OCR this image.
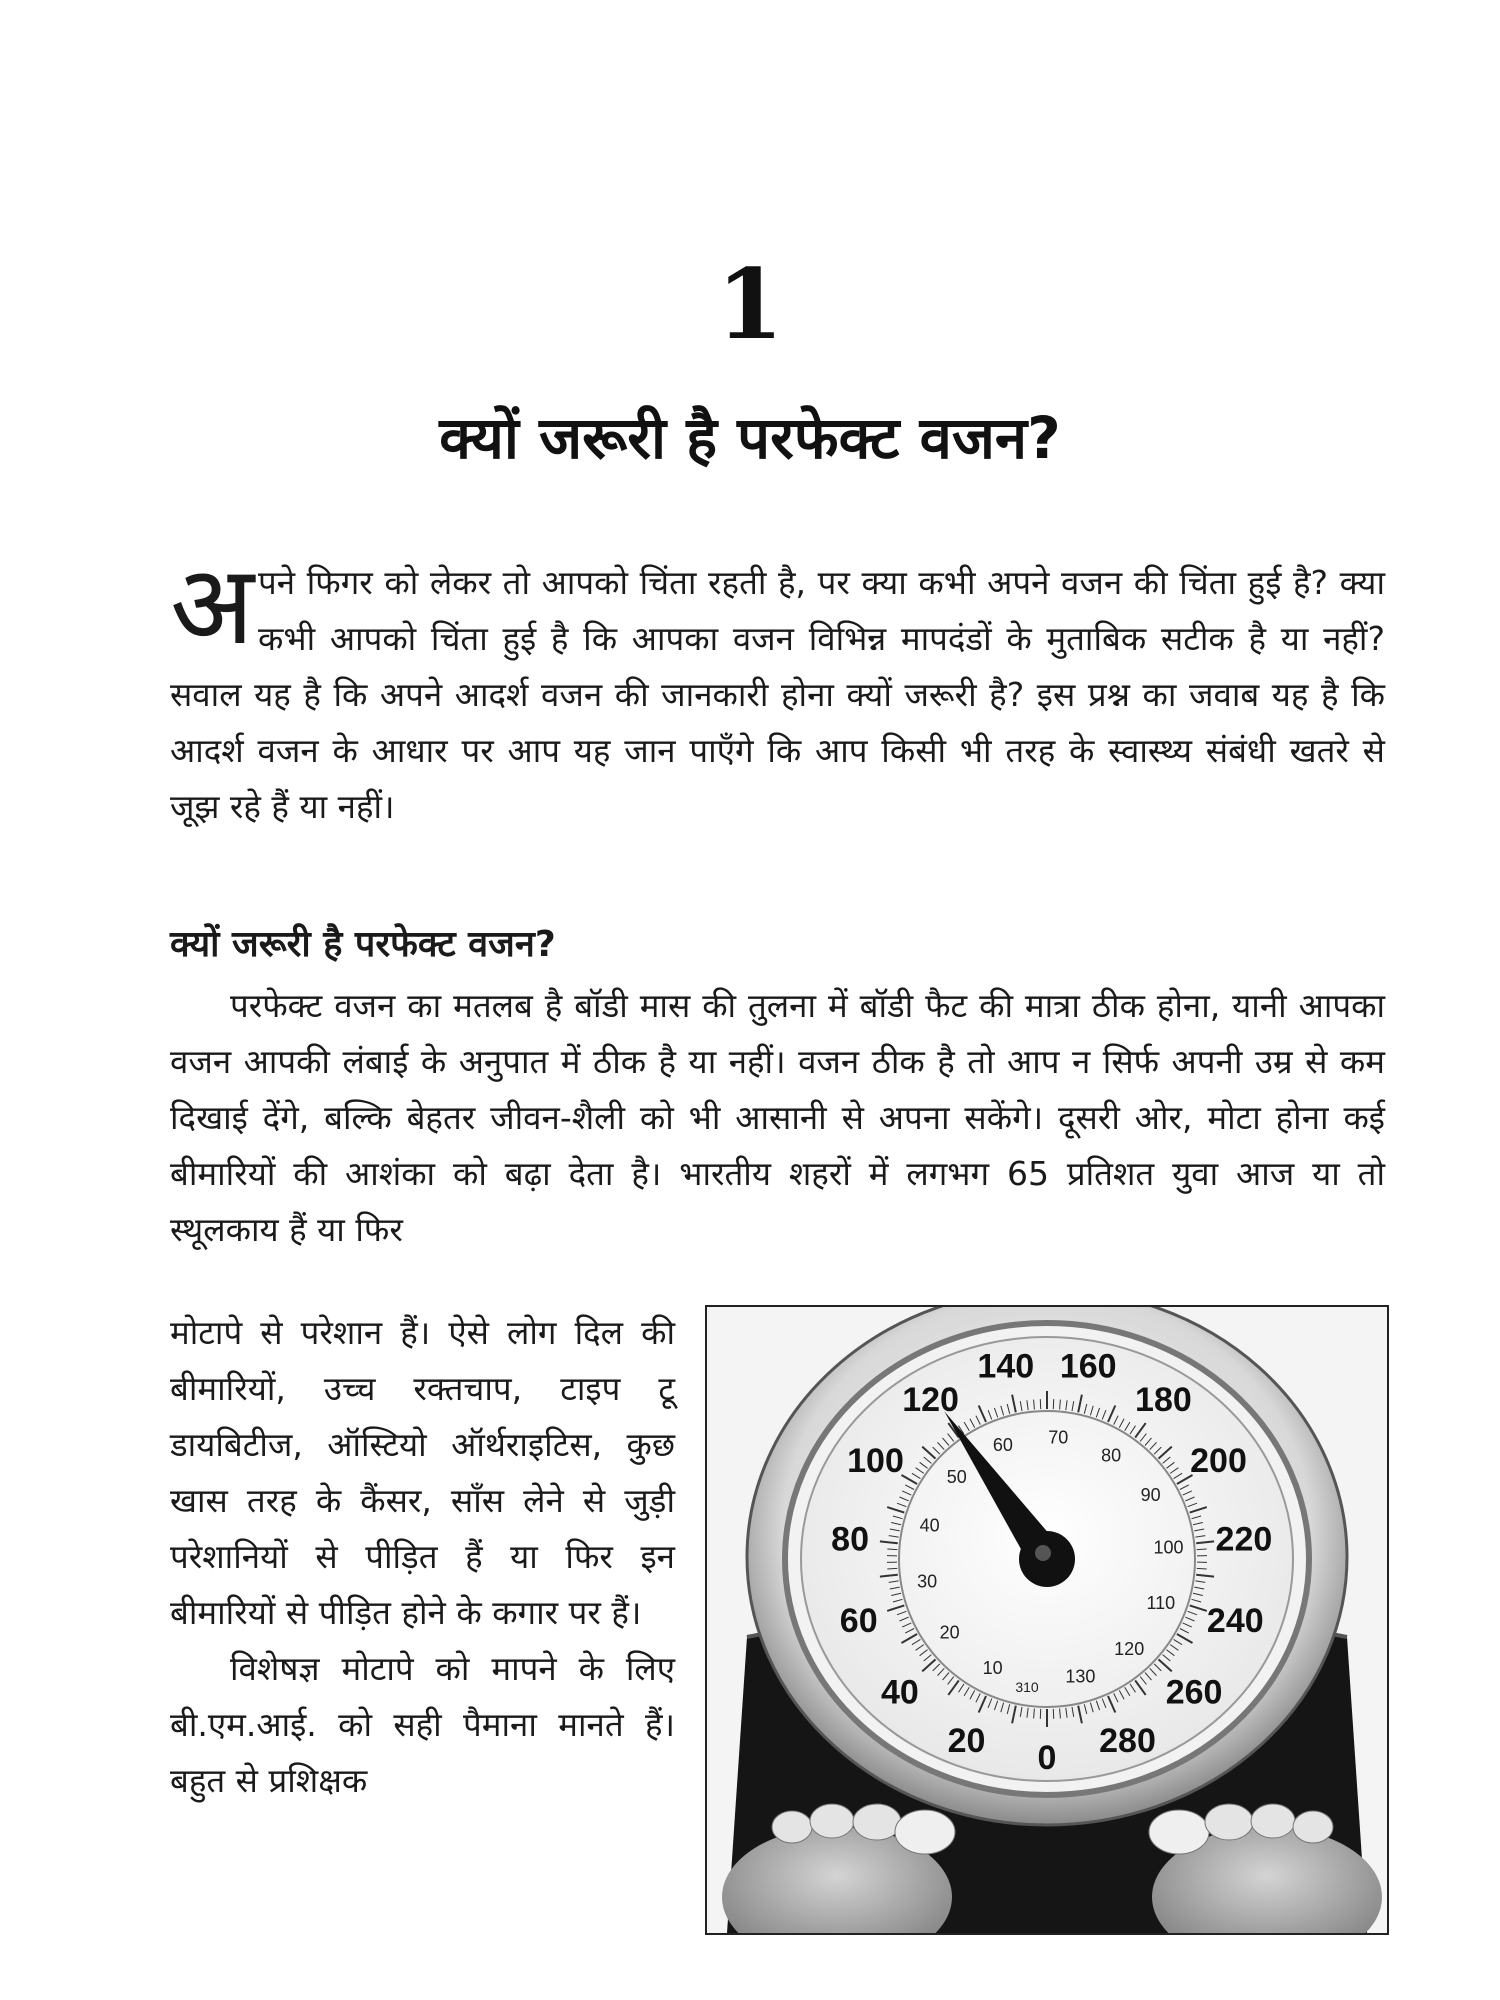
1
क्यों जरूरी है परफेक्ट वजन?
अपने फिगर को लेकर तो आपको चिंता रहती है, पर क्या कभी अपने वजन की चिंता हुई है? क्या कभी आपको चिंता हुई है कि आपका वजन विभिन्न मापदंडों के मुताबिक सटीक है या नहीं? सवाल यह है कि अपने आदर्श वजन की जानकारी होना क्यों जरूरी है? इस प्रश्न का जवाब यह है कि आदर्श वजन के आधार पर आप यह जान पाएँगे कि आप किसी भी तरह के स्वास्थ्य संबंधी खतरे से जूझ रहे हैं या नहीं।
क्यों जरूरी है परफेक्ट वजन?

परफेक्ट वजन का मतलब है बॉडी मास की तुलना में बॉडी फैट की मात्रा ठीक होना, यानी आपका वजन आपकी लंबाई के अनुपात में ठीक है या नहीं। वजन ठीक है तो आप न सिर्फ अपनी उम्र से कम दिखाई देंगे, बल्कि बेहतर जीवन-शैली को भी आसानी से अपना सकेंगे। दूसरी ओर, मोटा होना कई बीमारियों की आशंका को बढ़ा देता है। भारतीय शहरों में लगभग 65 प्रतिशत युवा आज या तो स्थूलकाय हैं या फिर

मोटापे से परेशान हैं। ऐसे लोग दिल की बीमारियों, उच्च रक्तचाप, टाइप टू डायबिटीज, ऑस्टियो ऑर्थराइटिस, कुछ खास तरह के कैंसर, साँस लेने से जुड़ी परेशानियों से पीड़ित हैं या फिर इन बीमारियों से पीड़ित होने के कगार पर हैं।

विशेषज्ञ मोटापे को मापने के लिए बी.एम.आई. को सही पैमाना मानते हैं। बहुत से प्रशिक्षक

0
20
40
60
80
100
120
140 160
180
200
220
240
260
280
10
20
30
40
50
60 70
80
90
100
110
120
130
310
